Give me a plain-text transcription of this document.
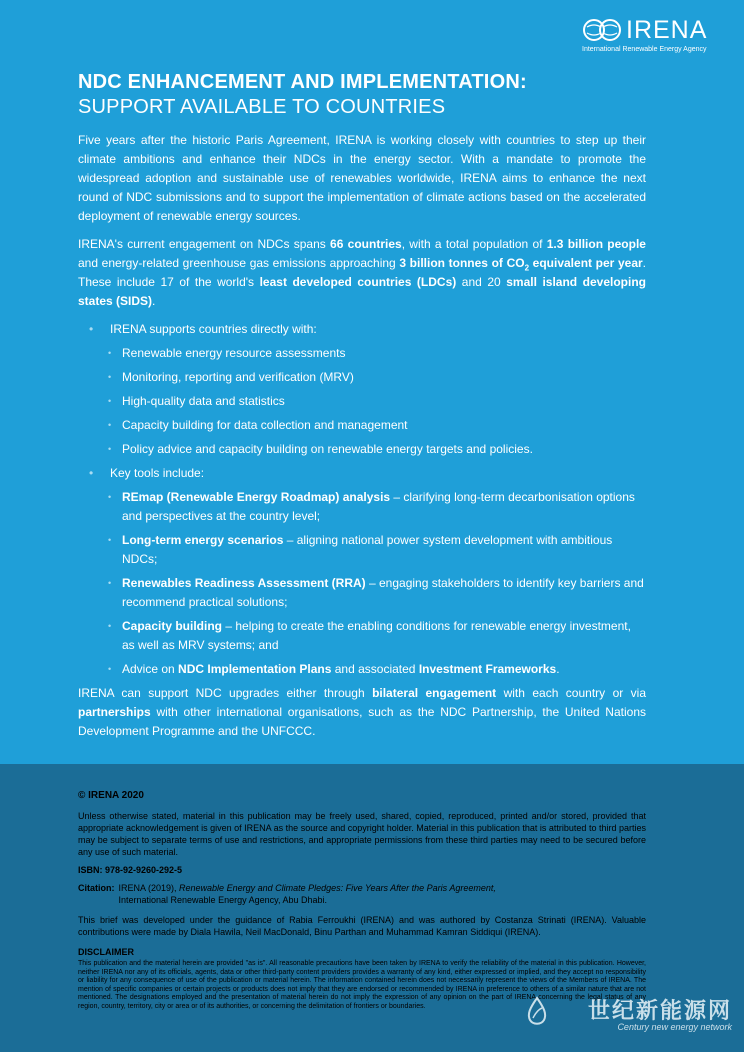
IRENA
International Renewable Energy Agency
NDC ENHANCEMENT AND IMPLEMENTATION:
SUPPORT AVAILABLE TO COUNTRIES

Five years after the historic Paris Agreement, IRENA is working closely with countries to step up their climate ambitions and enhance their NDCs in the energy sector. With a mandate to promote the widespread adoption and sustainable use of renewables worldwide, IRENA aims to enhance the next round of NDC submissions and to support the implementation of climate actions based on the accelerated deployment of renewable energy sources.

IRENA's current engagement on NDCs spans 66 countries, with a total population of 1.3 billion people and energy-related greenhouse gas emissions approaching 3 billion tonnes of $CO_2$ equivalent per year. These include 17 of the world's least developed countries (LDCs) and 20 small island developing states (SIDS).

• IRENA supports countries directly with:
• Renewable energy resource assessments
• Monitoring, reporting and verification (MRV)
• High-quality data and statistics
• Capacity building for data collection and management
• Policy advice and capacity building on renewable energy targets and policies.
• Key tools include:
• REmap (Renewable Energy Roadmap) analysis – clarifying long-term decarbonisation options and perspectives at the country level;
• Long-term energy scenarios – aligning national power system development with ambitious NDCs;
• Renewables Readiness Assessment (RRA) – engaging stakeholders to identify key barriers and recommend practical solutions;
• Capacity building – helping to create the enabling conditions for renewable energy investment, as well as MRV systems; and
• Advice on NDC Implementation Plans and associated Investment Frameworks.

IRENA can support NDC upgrades either through bilateral engagement with each country or via partnerships with other international organisations, such as the NDC Partnership, the United Nations Development Programme and the UNFCCC.

© IRENA 2020

Unless otherwise stated, material in this publication may be freely used, shared, copied, reproduced, printed and/or stored, provided that appropriate acknowledgement is given of IRENA as the source and copyright holder. Material in this publication that is attributed to third parties may be subject to separate terms of use and restrictions, and appropriate permissions from these third parties may need to be secured before any use of such material.

ISBN: 978-92-9260-292-5

Citation: IRENA (2019), Renewable Energy and Climate Pledges: Five Years After the Paris Agreement,
International Renewable Energy Agency, Abu Dhabi.

This brief was developed under the guidance of Rabia Ferroukhi (IRENA) and was authored by Costanza Strinati (IRENA). Valuable contributions were made by Diala Hawila, Neil MacDonald, Binu Parthan and Muhammad Kamran Siddiqui (IRENA).

DISCLAIMER
This publication and the material herein are provided "as is". All reasonable precautions have been taken by IRENA to verify the reliability of the material in this publication. However, neither IRENA nor any of its officials, agents, data or other third-party content providers provides a warranty of any kind, either expressed or implied, and they accept no responsibility or liability for any consequence of use of the publication or material herein. The information contained herein does not necessarily represent the views of the Members of IRENA. The mention of specific companies or certain projects or products does not imply that they are endorsed or recommended by IRENA in preference to others of a similar nature that are not mentioned. The designations employed and the presentation of material herein do not imply the expression of any opinion on the part of IRENA concerning the legal status of any region, country, territory, city or area or of its authorities, or concerning the delimitation of frontiers or boundaries.	世纪新能源网
Century new energy network
